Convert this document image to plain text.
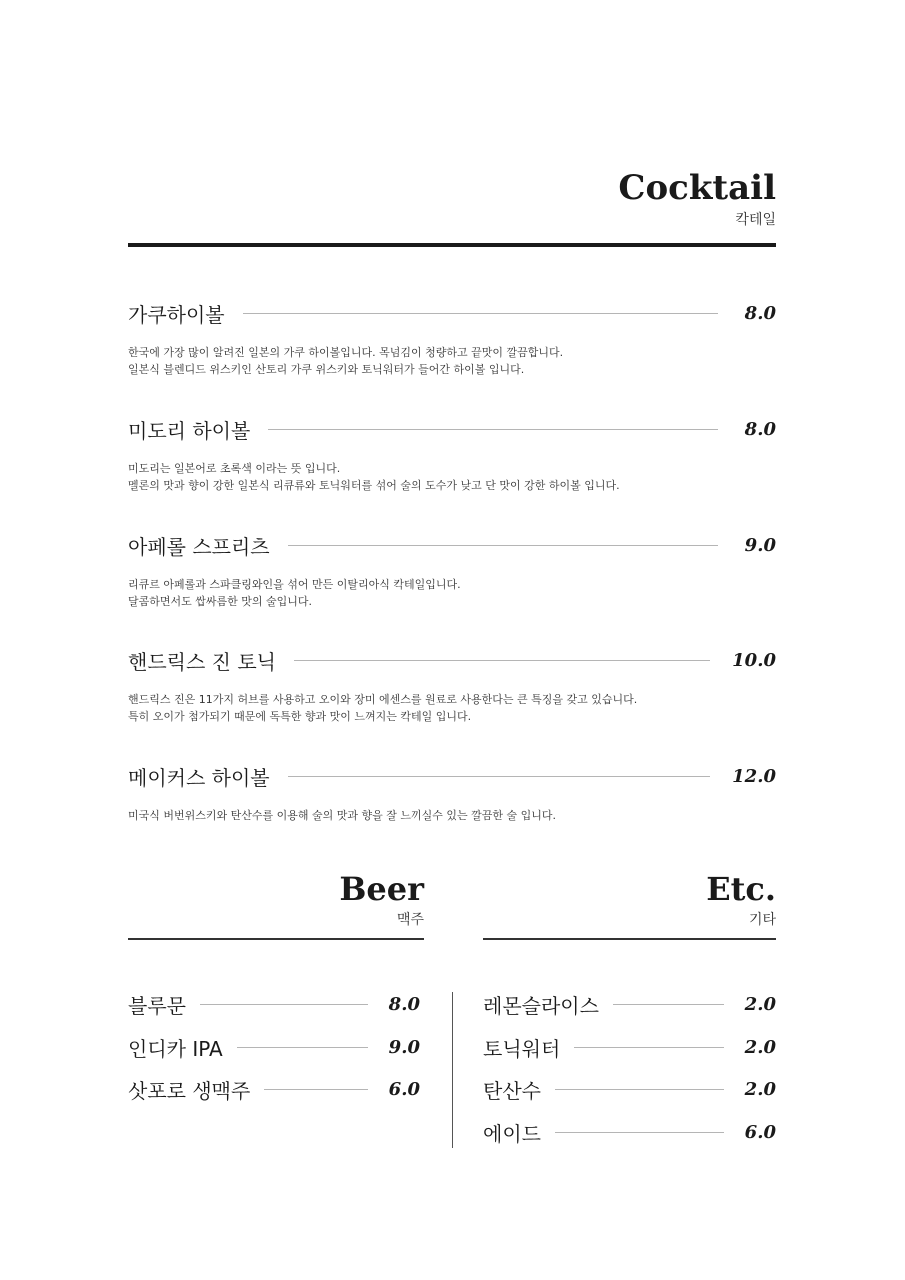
Cocktail
칵테일
가쿠하이볼	8.0
한국에 가장 많이 알려진 일본의 가쿠 하이볼입니다. 목넘김이 청량하고 끝맛이 깔끔합니다.
일본식 블렌디드 위스키인 산토리 가쿠 위스키와 토닉워터가 들어간 하이볼 입니다.
미도리 하이볼	8.0
미도리는 일본어로 초록색 이라는 뜻 입니다.
멜론의 맛과 향이 강한 일본식 리큐류와 토닉워터를 섞어 술의 도수가 낮고 단 맛이 강한 하이볼 입니다.
아페롤 스프리츠	9.0
리큐르 아페롤과 스파클링와인을 섞어 만든 이탈리아식 칵테일입니다.
달콤하면서도 쌉싸름한 맛의 술입니다.
핸드릭스 진 토닉	10.0
핸드릭스 진은 11가지 허브를 사용하고 오이와 장미 에센스를 원료로 사용한다는 큰 특징을 갖고 있습니다.
특히 오이가 첨가되기 때문에 독특한 향과 맛이 느껴지는 칵테일 입니다.
메이커스 하이볼	12.0
미국식 버번위스키와 탄산수를 이용해 술의 맛과 향을 잘 느끼실수 있는 깔끔한 술 입니다.
Beer
맥주
블루문	8.0
인디카 IPA	9.0
삿포로 생맥주	6.0
Etc.
기타
레몬슬라이스	2.0
토닉워터	2.0
탄산수	2.0
에이드	6.0
